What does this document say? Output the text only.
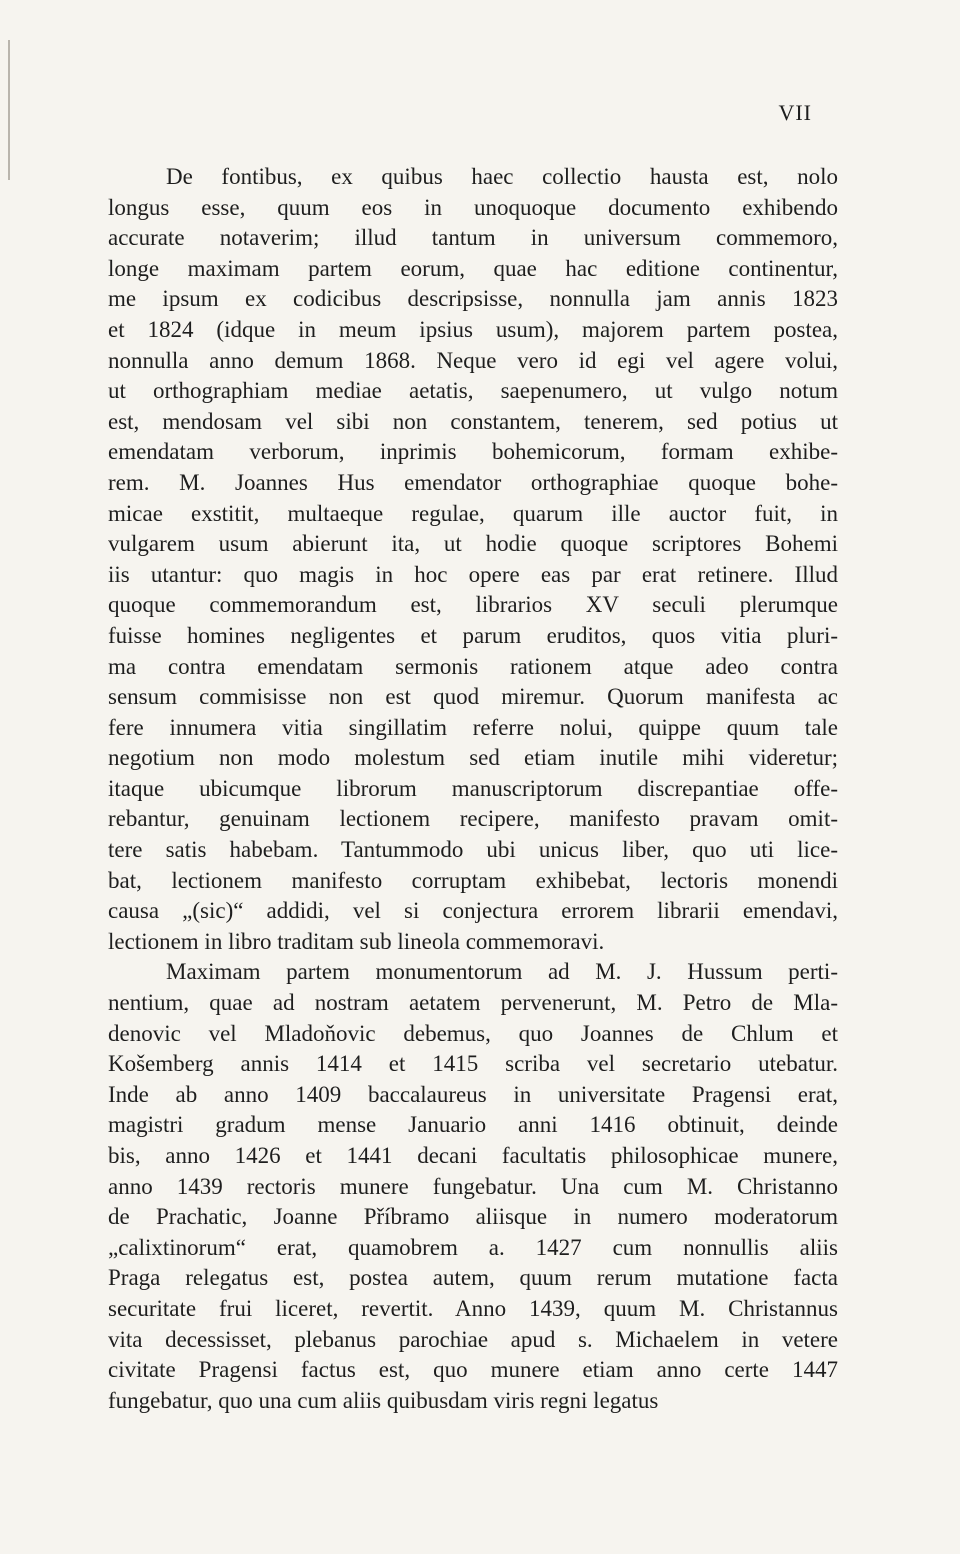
VII
De fontibus, ex quibus haec collectio hausta est, nolo
longus esse, quum eos in unoquoque documento exhibendo
accurate notaverim; illud tantum in universum commemoro,
longe maximam partem eorum, quae hac editione continentur,
me ipsum ex codicibus descripsisse, nonnulla jam annis 1823
et 1824 (idque in meum ipsius usum), majorem partem postea,
nonnulla anno demum 1868. Neque vero id egi vel agere volui,
ut orthographiam mediae aetatis, saepenumero, ut vulgo notum
est, mendosam vel sibi non constantem, tenerem, sed potius ut
emendatam verborum, inprimis bohemicorum, formam exhibe-
rem. M. Joannes Hus emendator orthographiae quoque bohe-
micae exstitit, multaeque regulae, quarum ille auctor fuit, in
vulgarem usum abierunt ita, ut hodie quoque scriptores Bohemi
iis utantur: quo magis in hoc opere eas par erat retinere. Illud
quoque commemorandum est, librarios XV seculi plerumque
fuisse homines negligentes et parum eruditos, quos vitia pluri-
ma contra emendatam sermonis rationem atque adeo contra
sensum commisisse non est quod miremur. Quorum manifesta ac
fere innumera vitia singillatim referre nolui, quippe quum tale
negotium non modo molestum sed etiam inutile mihi videretur;
itaque ubicumque librorum manuscriptorum discrepantiae offe-
rebantur, genuinam lectionem recipere, manifesto pravam omit-
tere satis habebam. Tantummodo ubi unicus liber, quo uti lice-
bat, lectionem manifesto corruptam exhibebat, lectoris monendi
causa „(sic)“ addidi, vel si conjectura errorem librarii emendavi,
lectionem in libro traditam sub lineola commemoravi.
Maximam partem monumentorum ad M. J. Hussum perti-
nentium, quae ad nostram aetatem pervenerunt, M. Petro de Mla-
denovic vel Mladoňovic debemus, quo Joannes de Chlum et
Košemberg annis 1414 et 1415 scriba vel secretario utebatur.
Inde ab anno 1409 baccalaureus in universitate Pragensi erat,
magistri gradum mense Januario anni 1416 obtinuit, deinde
bis, anno 1426 et 1441 decani facultatis philosophicae munere,
anno 1439 rectoris munere fungebatur. Una cum M. Christanno
de Prachatic, Joanne Příbramo aliisque in numero moderatorum
„calixtinorum“ erat, quamobrem a. 1427 cum nonnullis aliis
Praga relegatus est, postea autem, quum rerum mutatione facta
securitate frui liceret, revertit. Anno 1439, quum M. Christannus
vita decessisset, plebanus parochiae apud s. Michaelem in vetere
civitate Pragensi factus est, quo munere etiam anno certe 1447
fungebatur, quo una cum aliis quibusdam viris regni legatus
